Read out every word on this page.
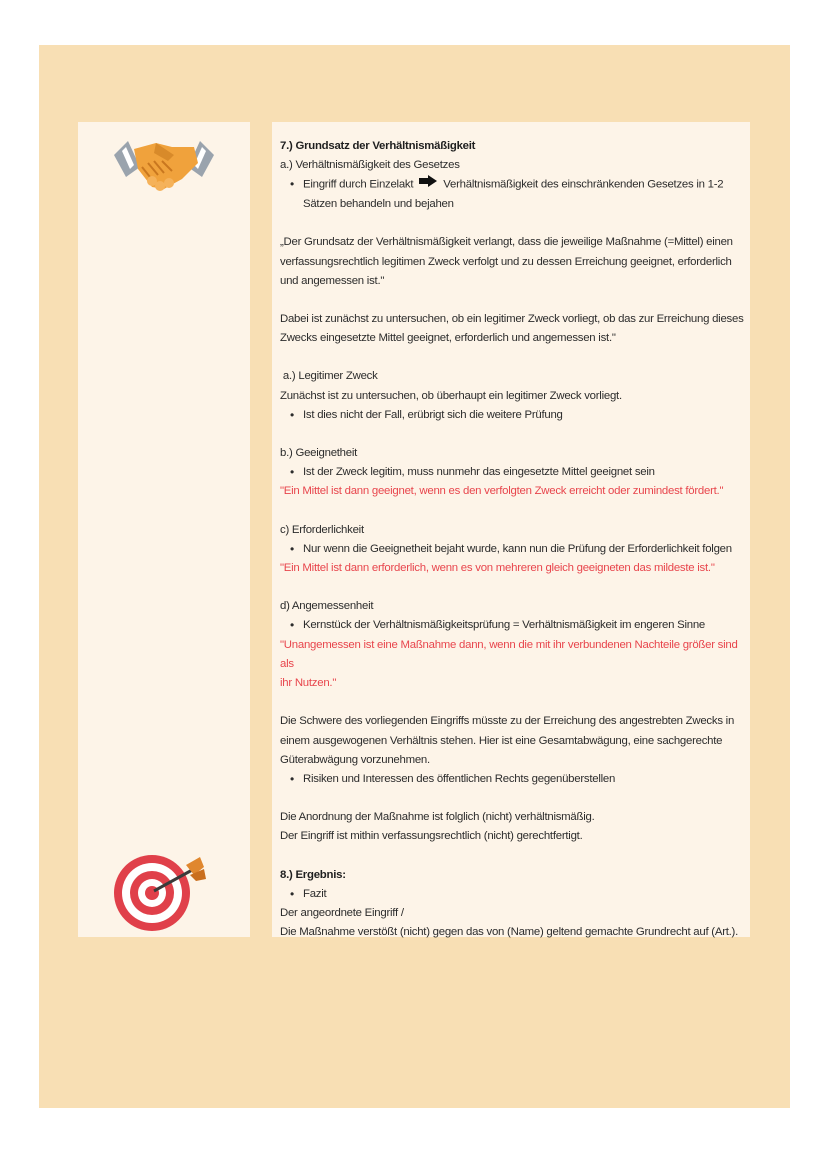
7.) Grundsatz der Verhältnismäßigkeit

a.) Verhältnismäßigkeit des Gesetzes

• Eingriff durch Einzelakt	Verhältnismäßigkeit des einschränkenden Gesetzes in 1-2
Sätzen behandeln und bejahen

„Der Grundsatz der Verhältnismäßigkeit verlangt, dass die jeweilige Maßnahme (=Mittel) einen

verfassungsrechtlich legitimen Zweck verfolgt und zu dessen Erreichung geeignet, erforderlich

und angemessen ist."

Dabei ist zunächst zu untersuchen, ob ein legitimer Zweck vorliegt, ob das zur Erreichung dieses

Zwecks eingesetzte Mittel geeignet, erforderlich und angemessen ist."

a.) Legitimer Zweck

Zunächst ist zu untersuchen, ob überhaupt ein legitimer Zweck vorliegt.

• Ist dies nicht der Fall, erübrigt sich die weitere Prüfung

b.) Geeignetheit

• Ist der Zweck legitim, muss nunmehr das eingesetzte Mittel geeignet sein

"Ein Mittel ist dann geeignet, wenn es den verfolgten Zweck erreicht oder zumindest fördert."

c) Erforderlichkeit

• Nur wenn die Geeignetheit bejaht wurde, kann nun die Prüfung der Erforderlichkeit folgen

"Ein Mittel ist dann erforderlich, wenn es von mehreren gleich geeigneten das mildeste ist."

d) Angemessenheit

• Kernstück der Verhältnismäßigkeitsprüfung = Verhältnismäßigkeit im engeren Sinne

"Unangemessen ist eine Maßnahme dann, wenn die mit ihr verbundenen Nachteile größer sind als

ihr Nutzen."

Die Schwere des vorliegenden Eingriffs müsste zu der Erreichung des angestrebten Zwecks in

einem ausgewogenen Verhältnis stehen. Hier ist eine Gesamtabwägung, eine sachgerechte

Güterabwägung vorzunehmen.

• Risiken und Interessen des öffentlichen Rechts gegenüberstellen

Die Anordnung der Maßnahme ist folglich (nicht) verhältnismäßig.

Der Eingriff ist mithin verfassungsrechtlich (nicht) gerechtfertigt.

8.) Ergebnis:

• Fazit

Der angeordnete Eingriff /

Die Maßnahme verstößt (nicht) gegen das von (Name) geltend gemachte Grundrecht auf (Art.).
